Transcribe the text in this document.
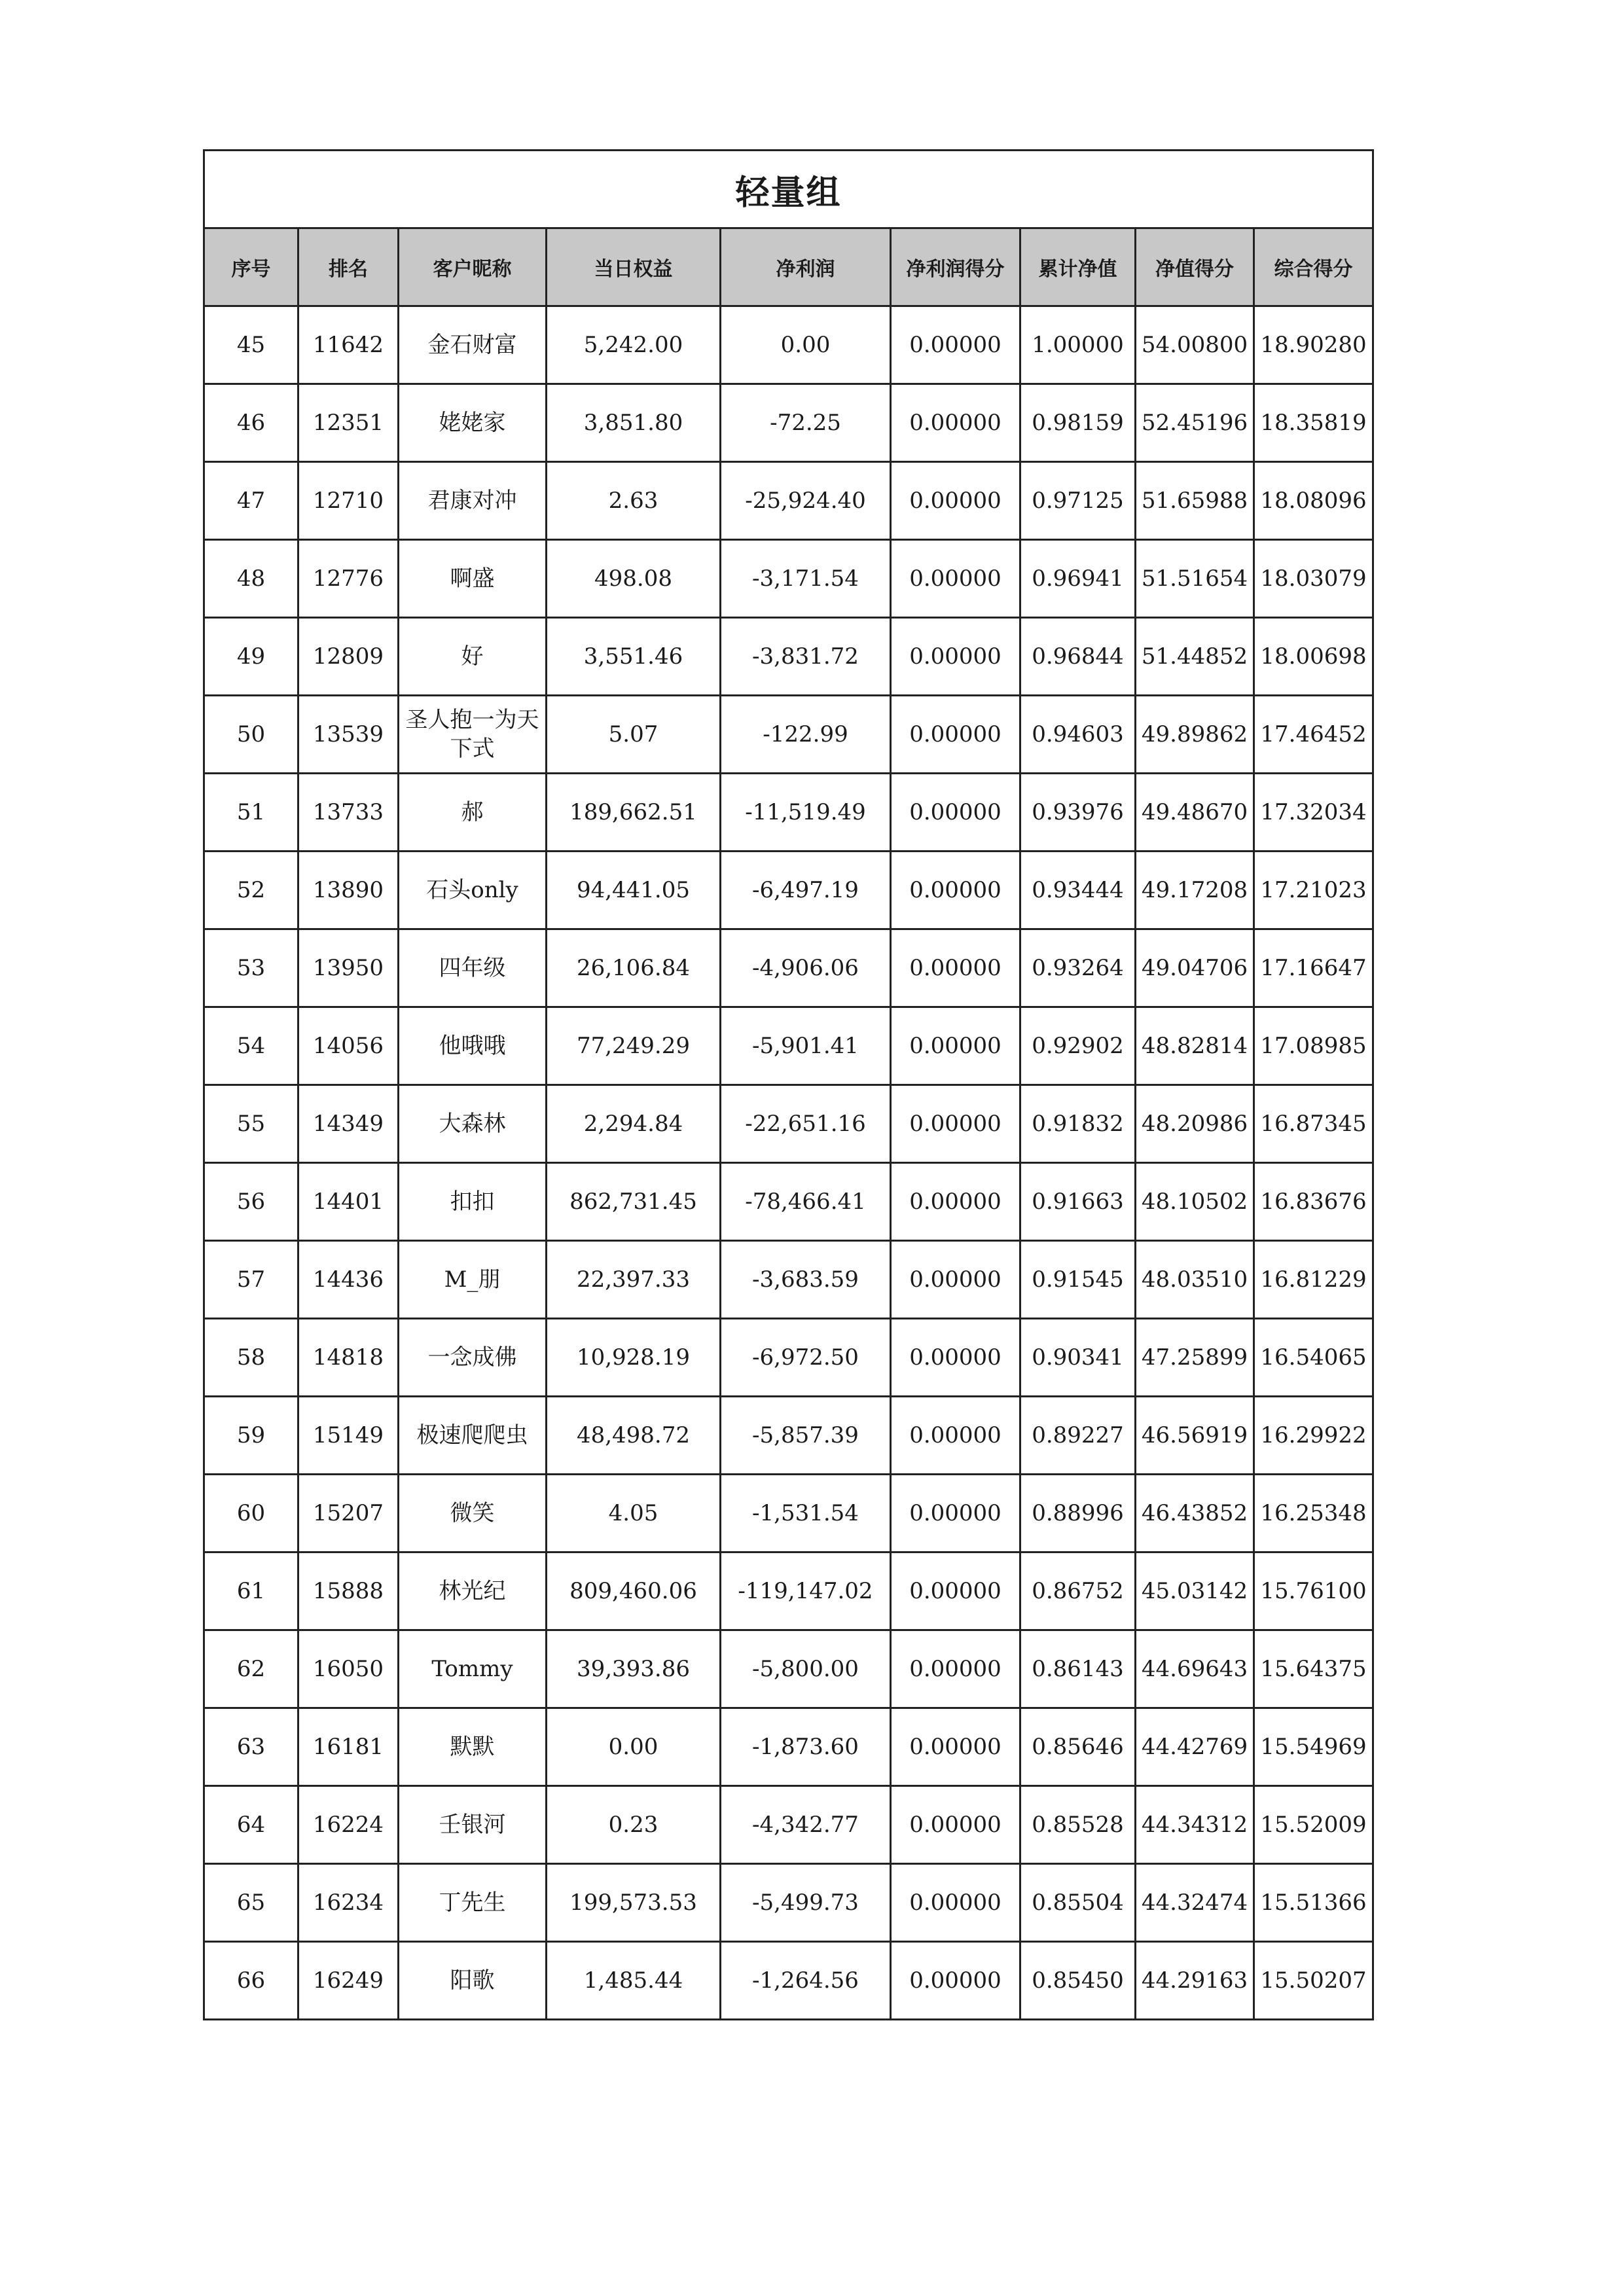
轻量组								
序号	排名	客户昵称	当日权益	净利润	净利润得分	累计净值	净值得分	综合得分
45	11642	金石财富	5,242.00	0.00	0.00000	1.00000	54.00800	18.90280
46	12351	姥姥家	3,851.80	-72.25	0.00000	0.98159	52.45196	18.35819
47	12710	君康对冲	2.63	-25,924.40	0.00000	0.97125	51.65988	18.08096
48	12776	啊盛	498.08	-3,171.54	0.00000	0.96941	51.51654	18.03079
49	12809	好	3,551.46	-3,831.72	0.00000	0.96844	51.44852	18.00698
50	13539	圣人抱一为天下式	5.07	-122.99	0.00000	0.94603	49.89862	17.46452
51	13733	郝	189,662.51	-11,519.49	0.00000	0.93976	49.48670	17.32034
52	13890	石头only	94,441.05	-6,497.19	0.00000	0.93444	49.17208	17.21023
53	13950	四年级	26,106.84	-4,906.06	0.00000	0.93264	49.04706	17.16647
54	14056	他哦哦	77,249.29	-5,901.41	0.00000	0.92902	48.82814	17.08985
55	14349	大森林	2,294.84	-22,651.16	0.00000	0.91832	48.20986	16.87345
56	14401	扣扣	862,731.45	-78,466.41	0.00000	0.91663	48.10502	16.83676
57	14436	M_朋	22,397.33	-3,683.59	0.00000	0.91545	48.03510	16.81229
58	14818	一念成佛	10,928.19	-6,972.50	0.00000	0.90341	47.25899	16.54065
59	15149	极速爬爬虫	48,498.72	-5,857.39	0.00000	0.89227	46.56919	16.29922
60	15207	微笑	4.05	-1,531.54	0.00000	0.88996	46.43852	16.25348
61	15888	林光纪	809,460.06	-119,147.02	0.00000	0.86752	45.03142	15.76100
62	16050	Tommy	39,393.86	-5,800.00	0.00000	0.86143	44.69643	15.64375
63	16181	默默	0.00	-1,873.60	0.00000	0.85646	44.42769	15.54969
64	16224	壬银河	0.23	-4,342.77	0.00000	0.85528	44.34312	15.52009
65	16234	丁先生	199,573.53	-5,499.73	0.00000	0.85504	44.32474	15.51366
66	16249	阳歌	1,485.44	-1,264.56	0.00000	0.85450	44.29163	15.50207
